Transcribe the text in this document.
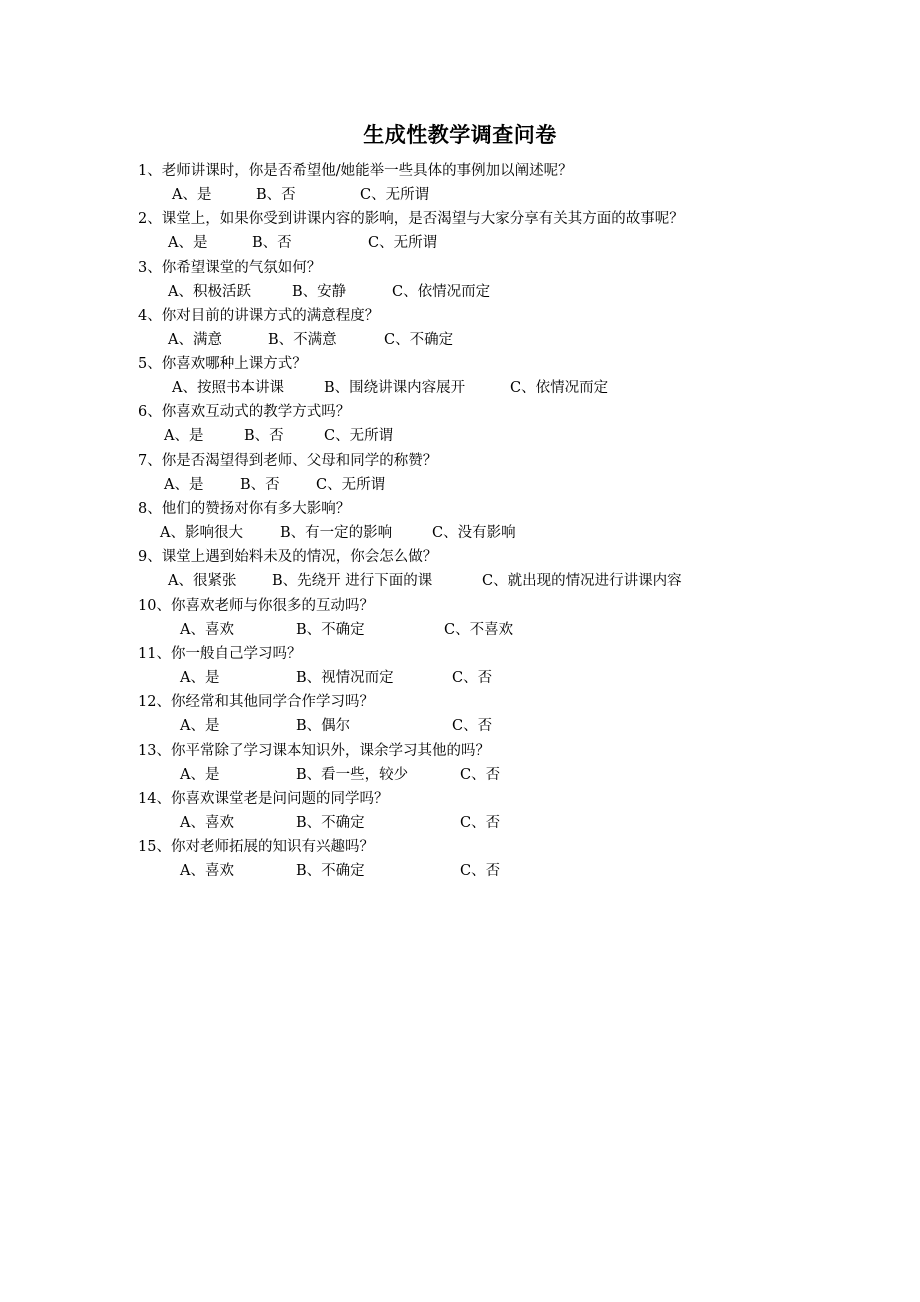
生成性教学调查问卷
1、老师讲课时，你是否希望他/她能举一些具体的事例加以阐述呢？
A、是	B、否	C、无所谓
2、课堂上，如果你受到讲课内容的影响，是否渴望与大家分享有关其方面的故事呢？
A、是	B、否	C、无所谓
3、你希望课堂的气氛如何？
A、积极活跃	B、安静	C、依情况而定
4、你对目前的讲课方式的满意程度？
A、满意	B、不满意	C、不确定
5、你喜欢哪种上课方式？
A、按照书本讲课	B、围绕讲课内容展开	C、依情况而定
6、你喜欢互动式的教学方式吗？
A、是	B、否	C、无所谓
7、你是否渴望得到老师、父母和同学的称赞？
A、是	B、否	C、无所谓
8、他们的赞扬对你有多大影响？
A、影响很大	B、有一定的影响	C、没有影响
9、课堂上遇到始料未及的情况，你会怎么做？
A、很紧张 B、先绕开 进行下面的课	C、就出现的情况进行讲课内容
10、你喜欢老师与你很多的互动吗？
A、喜欢	B、不确定	C、不喜欢
11、你一般自己学习吗？
A、是	B、视情况而定	C、否
12、你经常和其他同学合作学习吗？
A、是	B、偶尔	C、否
13、你平常除了学习课本知识外，课余学习其他的吗？
A、是	B、看一些，较少	C、否
14、你喜欢课堂老是问问题的同学吗？
A、喜欢	B、不确定	C、否
15、你对老师拓展的知识有兴趣吗？
A、喜欢	B、不确定	C、否
